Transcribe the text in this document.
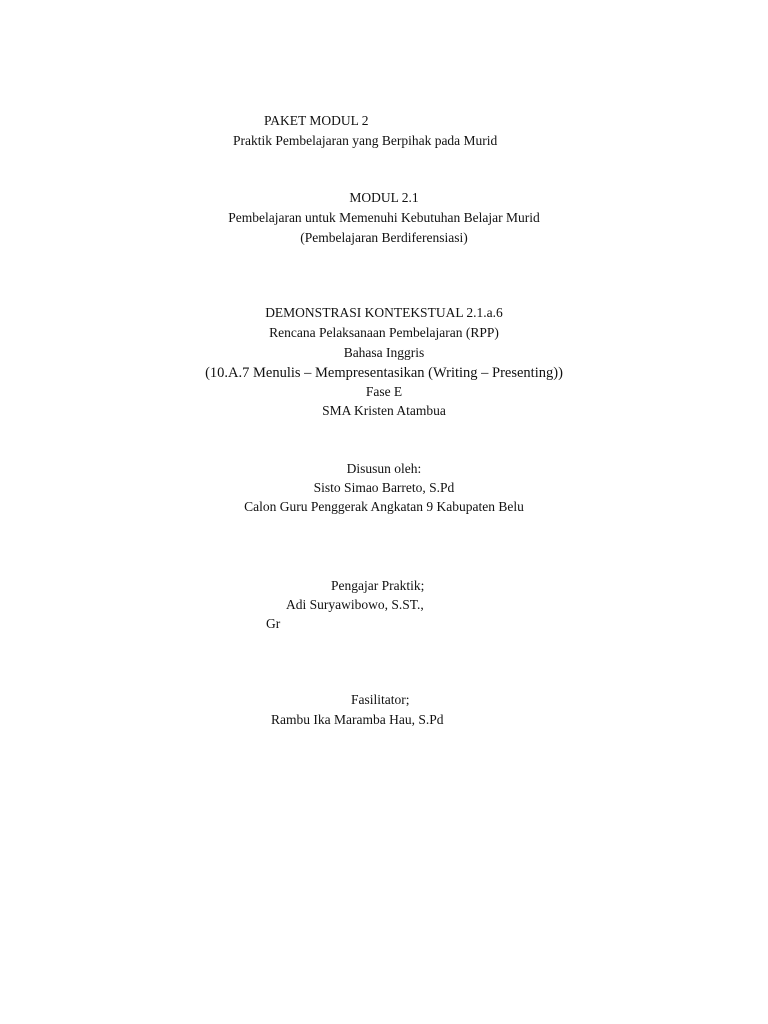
PAKET MODUL 2
Praktik Pembelajaran yang Berpihak pada Murid
MODUL 2.1
Pembelajaran untuk Memenuhi Kebutuhan Belajar Murid
(Pembelajaran Berdiferensiasi)
DEMONSTRASI KONTEKSTUAL 2.1.a.6
Rencana Pelaksanaan Pembelajaran (RPP)
Bahasa Inggris
(10.A.7 Menulis – Mempresentasikan (Writing – Presenting))
Fase E
SMA Kristen Atambua
Disusun oleh:
Sisto Simao Barreto, S.Pd
Calon Guru Penggerak Angkatan 9 Kabupaten Belu
Pengajar Praktik;
Adi Suryawibowo, S.ST.,
Gr
Fasilitator;
Rambu Ika Maramba Hau, S.Pd
